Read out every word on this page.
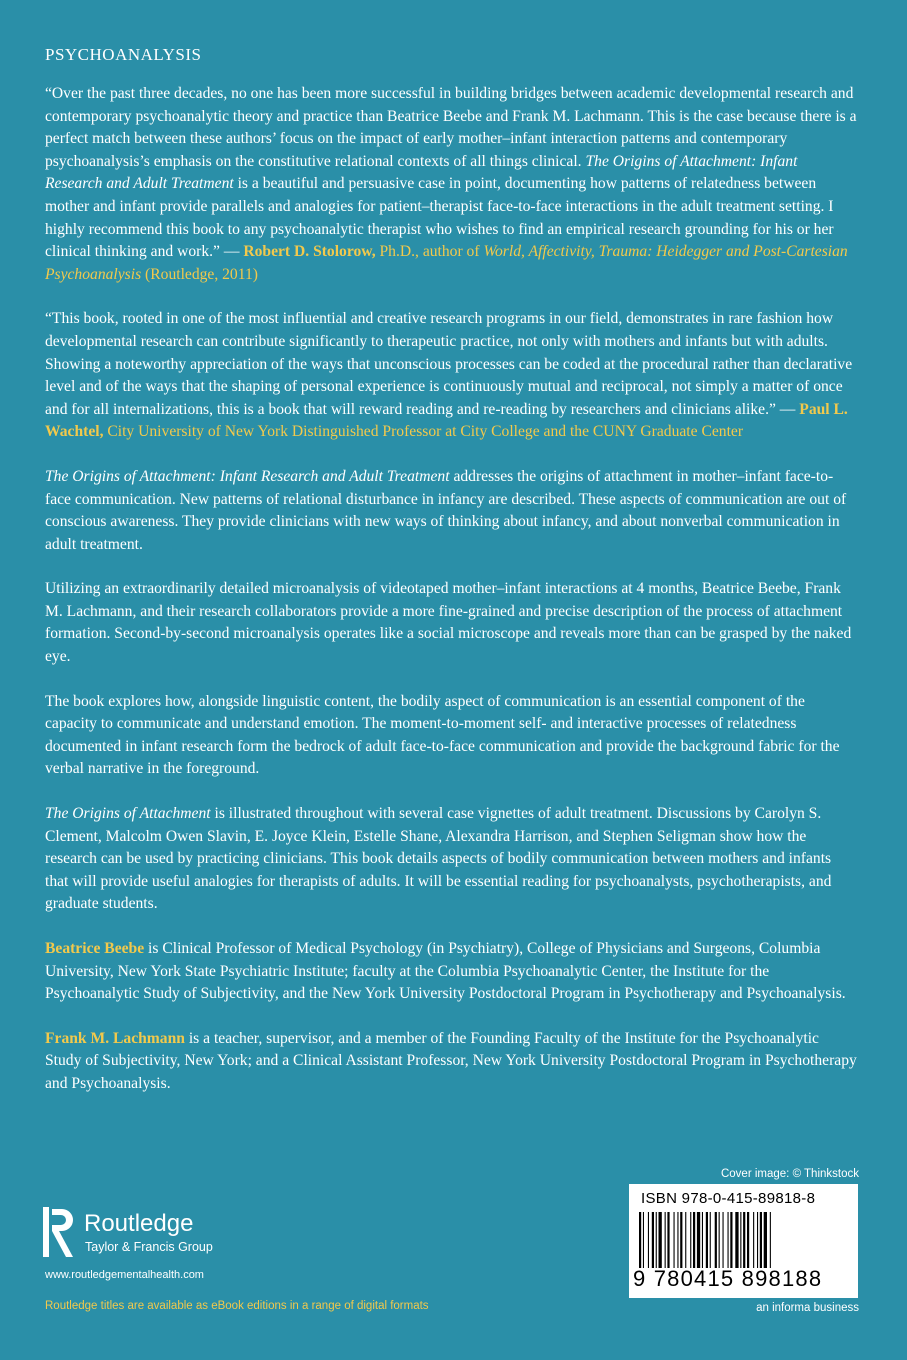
PSYCHOANALYSIS

“Over the past three decades, no one has been more successful in building bridges between academic developmental research and contemporary psychoanalytic theory and practice than Beatrice Beebe and Frank M. Lachmann. This is the case because there is a perfect match between these authors’ focus on the impact of early mother–infant interaction patterns and contemporary psychoanalysis’s emphasis on the constitutive relational contexts of all things clinical. The Origins of Attachment: Infant Research and Adult Treatment is a beautiful and persuasive case in point, documenting how patterns of relatedness between mother and infant provide parallels and analogies for patient–therapist face-to-face interactions in the adult treatment setting. I highly recommend this book to any psychoanalytic therapist who wishes to find an empirical research grounding for his or her clinical thinking and work.” — Robert D. Stolorow, Ph.D., author of World, Affectivity, Trauma: Heidegger and Post-Cartesian Psychoanalysis (Routledge, 2011)

“This book, rooted in one of the most influential and creative research programs in our field, demonstrates in rare fashion how developmental research can contribute significantly to therapeutic practice, not only with mothers and infants but with adults. Showing a noteworthy appreciation of the ways that unconscious processes can be coded at the procedural rather than declarative level and of the ways that the shaping of personal experience is continuously mutual and reciprocal, not simply a matter of once and for all internalizations, this is a book that will reward reading and re-reading by researchers and clinicians alike.” — Paul L. Wachtel, City University of New York Distinguished Professor at City College and the CUNY Graduate Center

The Origins of Attachment: Infant Research and Adult Treatment addresses the origins of attachment in mother–infant face-to-face communication. New patterns of relational disturbance in infancy are described. These aspects of communication are out of conscious awareness. They provide clinicians with new ways of thinking about infancy, and about nonverbal communication in adult treatment.

Utilizing an extraordinarily detailed microanalysis of videotaped mother–infant interactions at 4 months, Beatrice Beebe, Frank M. Lachmann, and their research collaborators provide a more fine-grained and precise description of the process of attachment formation. Second-by-second microanalysis operates like a social microscope and reveals more than can be grasped by the naked eye.

The book explores how, alongside linguistic content, the bodily aspect of communication is an essential component of the capacity to communicate and understand emotion. The moment-to-moment self- and interactive processes of relatedness documented in infant research form the bedrock of adult face-to-face communication and provide the background fabric for the verbal narrative in the foreground.

The Origins of Attachment is illustrated throughout with several case vignettes of adult treatment. Discussions by Carolyn S. Clement, Malcolm Owen Slavin, E. Joyce Klein, Estelle Shane, Alexandra Harrison, and Stephen Seligman show how the research can be used by practicing clinicians. This book details aspects of bodily communication between mothers and infants that will provide useful analogies for therapists of adults. It will be essential reading for psychoanalysts, psychotherapists, and graduate students.

Beatrice Beebe is Clinical Professor of Medical Psychology (in Psychiatry), College of Physicians and Surgeons, Columbia University, New York State Psychiatric Institute; faculty at the Columbia Psychoanalytic Center, the Institute for the Psychoanalytic Study of Subjectivity, and the New York University Postdoctoral Program in Psychotherapy and Psychoanalysis.

Frank M. Lachmann is a teacher, supervisor, and a member of the Founding Faculty of the Institute for the Psychoanalytic Study of Subjectivity, New York; and a Clinical Assistant Professor, New York University Postdoctoral Program in Psychotherapy and Psychoanalysis.

Cover image: © Thinkstock
ISBN 978-0-415-89818-8
9 780415 898188
an informa business
Routledge
Taylor & Francis Group
www.routledgementalhealth.com
Routledge titles are available as eBook editions in a range of digital formats
